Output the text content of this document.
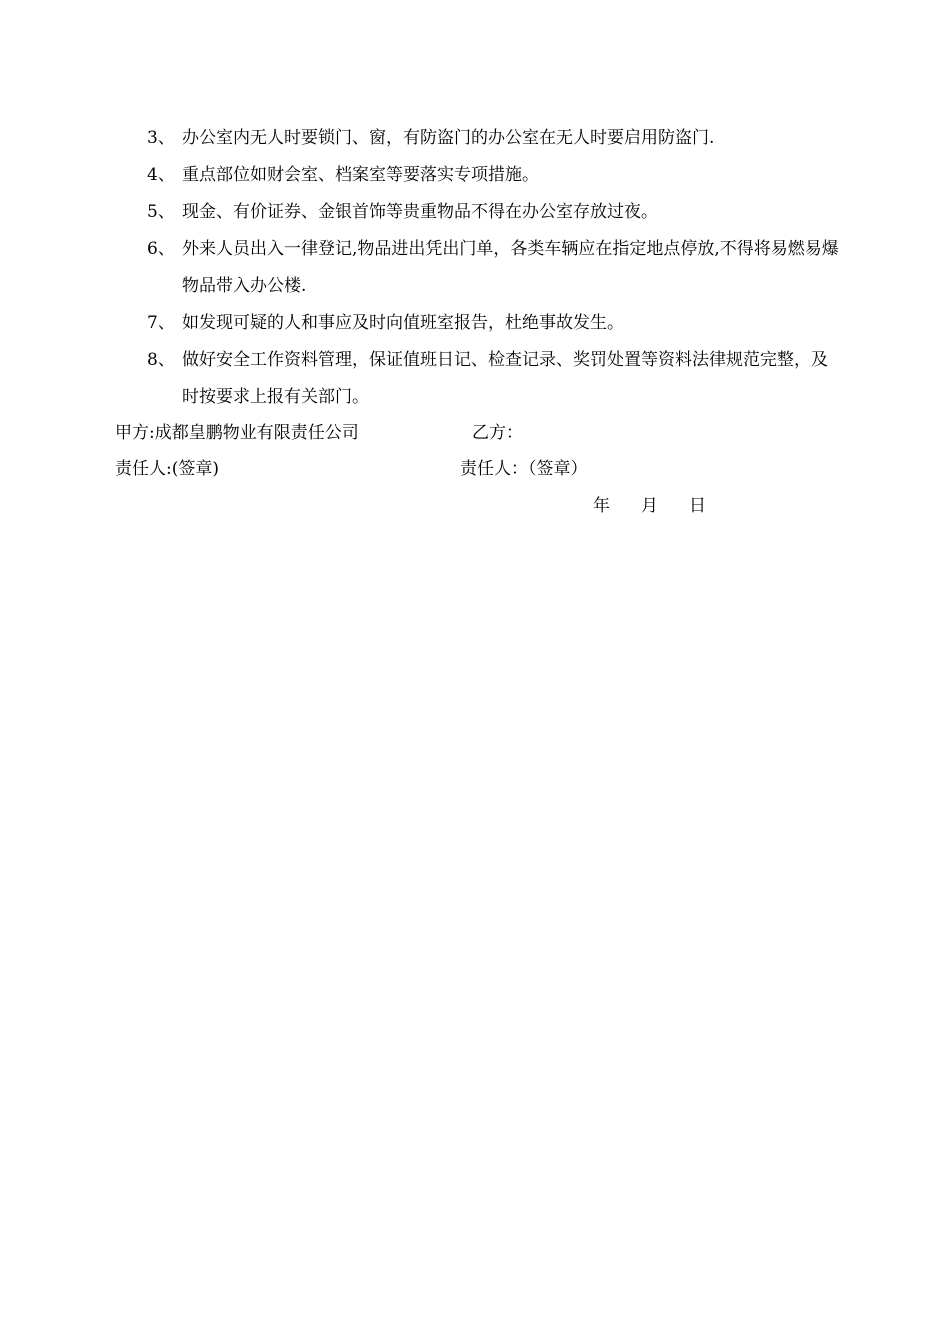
3、 办公室内无人时要锁门、窗，有防盗门的办公室在无人时要启用防盗门.
4、 重点部位如财会室、档案室等要落实专项措施。
5、 现金、有价证券、金银首饰等贵重物品不得在办公室存放过夜。
6、 外来人员出入一律登记,物品进出凭出门单，各类车辆应在指定地点停放,不得将易燃易爆物品带入办公楼.
7、 如发现可疑的人和事应及时向值班室报告，杜绝事故发生。
8、 做好安全工作资料管理，保证值班日记、检查记录、奖罚处置等资料法律规范完整，及时按要求上报有关部门。
甲方:成都皇鹏物业有限责任公司	乙方：
责任人:(签章)	责任人：（签章）
年 月 日
